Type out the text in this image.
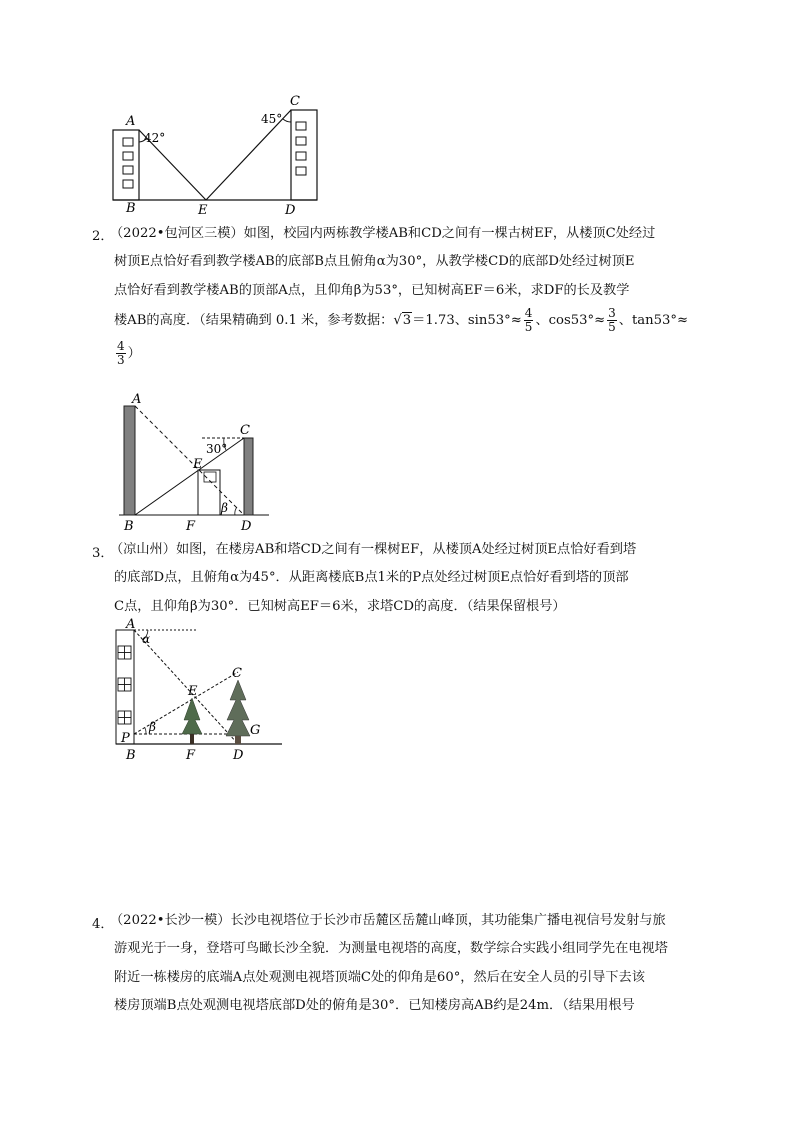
A
42°
B	E	D
C
45°
2．
（2022•包河区三模）如图，校园内两栋教学楼AB和CD之间有一棵古树EF，从楼顶C处经过
树顶E点恰好看到教学楼AB的底部B点且俯角α为30°，从教学楼CD的底部D处经过树顶E
点恰好看到教学楼AB的顶部A点，且仰角β为53°，已知树高EF＝6米，求DF的长及教学
楼AB的高度．（结果精确到 0.1 米，参考数据：√3＝1.73、$\sin 53^\circ\approx \frac{4}{5}$ 、$\cos 53^\circ\approx \frac{3}{5}$ 、tan53°≈
$\frac{4}{3}$ ）
A
C
30°
E
β
B	F	D
3．
（凉山州）如图，在楼房AB和塔CD之间有一棵树EF，从楼顶A处经过树顶E点恰好看到塔
的底部D点，且俯角α为45°．从距离楼底B点1米的P点处经过树顶E点恰好看到塔的顶部
C点，且仰角β为30°．已知树高EF＝6米，求塔CD的高度．（结果保留根号）
A
α
E
C
β
P
G
B	F	D
4．
（2022•长沙一模）长沙电视塔位于长沙市岳麓区岳麓山峰顶，其功能集广播电视信号发射与旅
游观光于一身，登塔可鸟瞰长沙全貌．为测量电视塔的高度，数学综合实践小组同学先在电视塔
附近一栋楼房的底端A点处观测电视塔顶端C处的仰角是60°，然后在安全人员的引导下去该
楼房顶端B点处观测电视塔底部D处的俯角是30°．已知楼房高AB约是24m．（结果用根号
